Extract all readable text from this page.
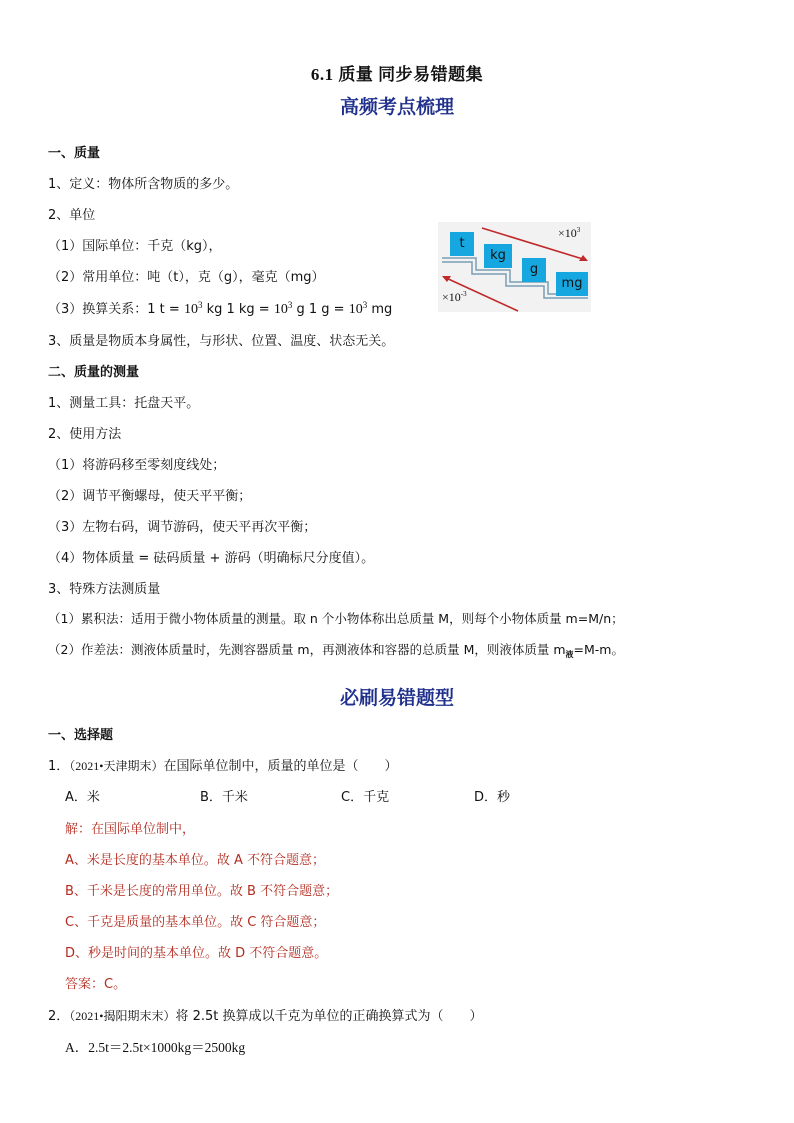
6.1 质量 同步易错题集
高频考点梳理
一、质量
1、定义：物体所含物质的多少。
2、单位
（1）国际单位：千克（kg），
（2）常用单位：吨（t），克（g），毫克（mg）
（3）换算关系：1 $t = 10^3$ kg 1 kg = $10^3$ g 1 $g = 10^3$ mg
3、质量是物质本身属性，与形状、位置、温度、状态无关。
t
kg
g
mg
$\times 10^3$
$\times 10^{-3}$
二、质量的测量
1、测量工具：托盘天平。
2、使用方法
（1）将游码移至零刻度线处；
（2）调节平衡螺母，使天平平衡；
（3）左物右码，调节游码，使天平再次平衡；
（4）物体质量 = 砝码质量 + 游码（明确标尺分度值）。
3、特殊方法测质量
（1）累积法：适用于微小物体质量的测量。取 n 个小物体称出总质量 M，则每个小物体质量 m=M/n；
（2）作差法：测液体质量时，先测容器质量 m，再测液体和容器的总质量 M，则液体质量 $m_液=M-m$。
必刷易错题型
一、选择题
1．（2021•天津期末）在国际单位制中，质量的单位是（　　）
A．米	B．千米	C．千克	D．秒
解：在国际单位制中，
A、米是长度的基本单位。故 A 不符合题意；
B、千米是长度的常用单位。故 B 不符合题意；
C、千克是质量的基本单位。故 C 符合题意；
D、秒是时间的基本单位。故 D 不符合题意。
答案：C。
2．（2021•揭阳期末末）将 2.5t 换算成以千克为单位的正确换算式为（　　）
A．2.5t＝2.5t×1000kg＝2500kg
